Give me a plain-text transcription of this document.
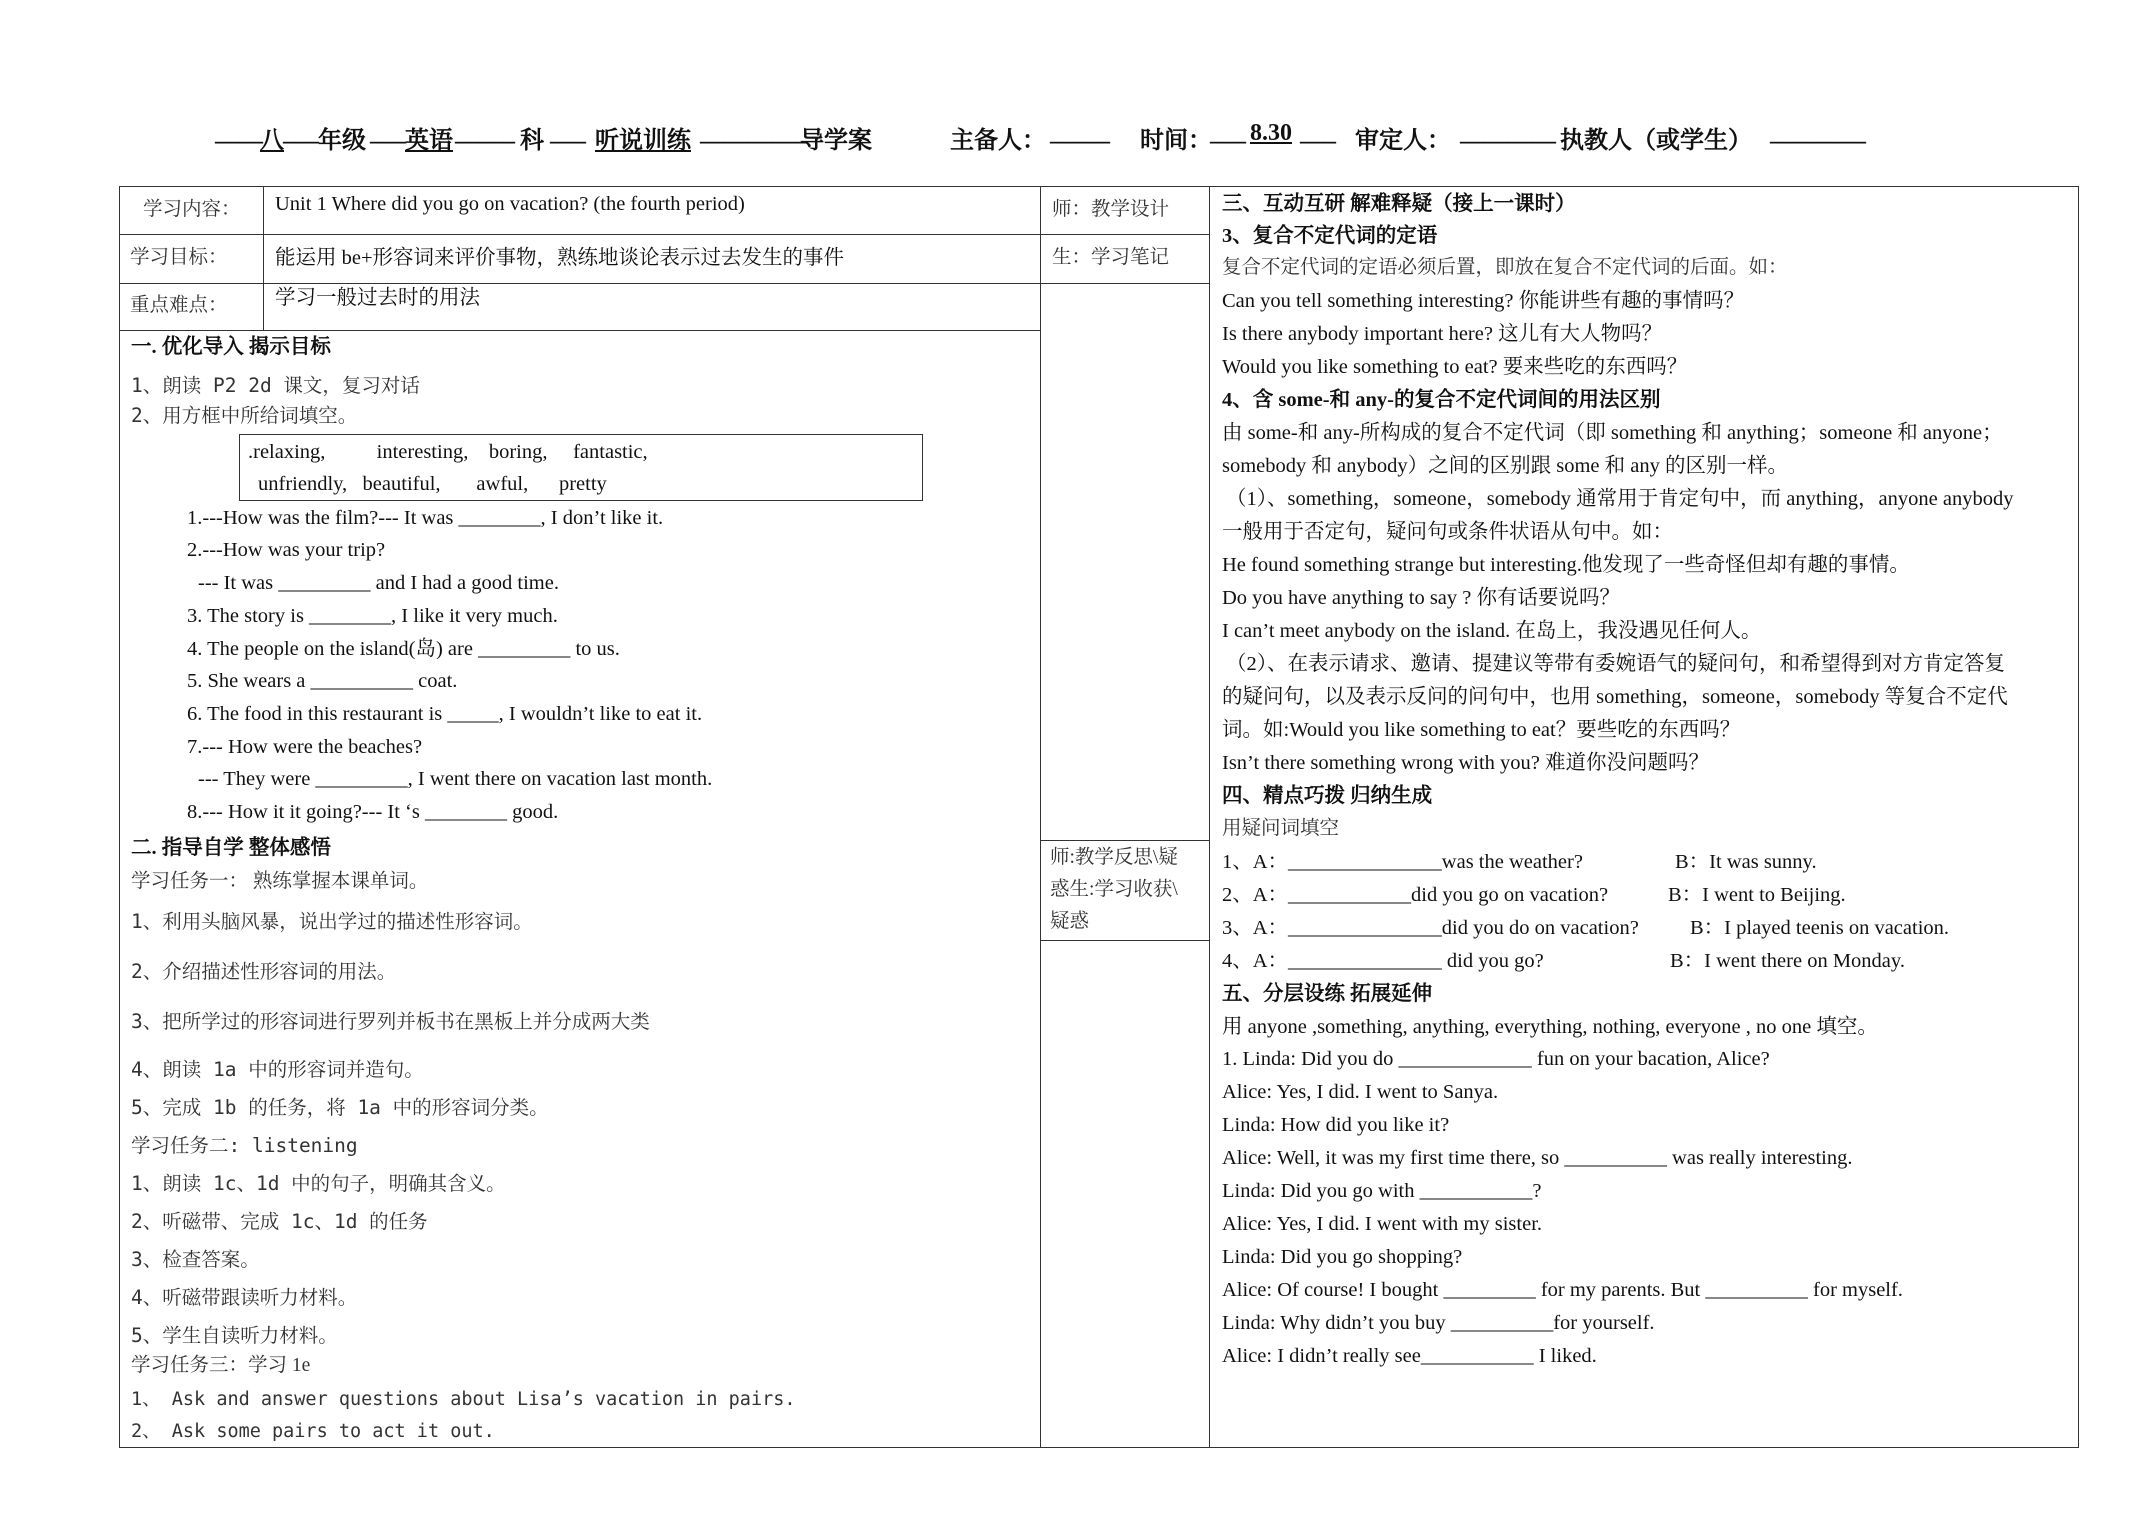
____
八 ___ 年级 ___ 英语 _____ 科 ___ 听说训练 _________
导学案	主备人： _____ 时间：
___ 8.30 ___ 审定人： ________ 执教人（或学生） ________
学习内容： Unit 1 Where did you go on vacation? (the fourth period)
学习目标： 能运用 be+形容词来评价事物，熟练地谈论表示过去发生的事件
重点难点： 学习一般过去时的用法
师：教学设计
生：学习笔记
师:教学反思\疑
惑生:学习收获\
疑惑
一. 优化导入 揭示目标
1、朗读 P2 2d 课文，复习对话
2、用方框中所给词填空。
.relaxing,          interesting,    boring,     fantastic,
unfriendly,   beautiful,       awful,      pretty
1.---How was the film?--- It was ________, I don’t like it.
2.---How was your trip?
--- It was _________ and I had a good time.
3. The story is ________, I like it very much.
4. The people on the island(岛) are _________ to us.
5. She wears a __________ coat.
6. The food in this restaurant is _____, I wouldn’t like to eat it.
7.--- How were the beaches?
--- They were _________, I went there on vacation last month.
8.--- How it it going?--- It ‘s ________ good.
二. 指导自学 整体感悟
学习任务一： 熟练掌握本课单词。
1、利用头脑风暴，说出学过的描述性形容词。
2、介绍描述性形容词的用法。
3、把所学过的形容词进行罗列并板书在黑板上并分成两大类
4、朗读 1a 中的形容词并造句。
5、完成 1b 的任务，将 1a 中的形容词分类。
学习任务二: listening
1、朗读 1c、1d 中的句子，明确其含义。
2、听磁带、完成 1c、1d 的任务
3、检查答案。
4、听磁带跟读听力材料。
5、学生自读听力材料。
学习任务三：学习 1e
1、 Ask and answer questions about Lisa’s vacation in pairs.
2、 Ask some pairs to act it out.
三、互动互研 解难释疑（接上一课时）
3、复合不定代词的定语
复合不定代词的定语必须后置，即放在复合不定代词的后面。如：
Can you tell something interesting? 你能讲些有趣的事情吗？
Is there anybody important here? 这儿有大人物吗？
Would you like something to eat? 要来些吃的东西吗？
4、含 some-和 any-的复合不定代词间的用法区别
由 some-和 any-所构成的复合不定代词（即 something 和 anything；someone 和 anyone；
somebody 和 anybody）之间的区别跟 some 和 any 的区别一样。
（1）、something，someone，somebody 通常用于肯定句中，而 anything，anyone anybody
一般用于否定句，疑问句或条件状语从句中。如：
He found something strange but interesting.他发现了一些奇怪但却有趣的事情。
Do you have anything to say ? 你有话要说吗？
I can’t meet anybody on the island. 在岛上，我没遇见任何人。
（2）、在表示请求、邀请、提建议等带有委婉语气的疑问句，和希望得到对方肯定答复
的疑问句，以及表示反问的问句中，也用 something，someone，somebody 等复合不定代
词。如:Would you like something to eat？要些吃的东西吗？
Isn’t there something wrong with you? 难道你没问题吗？
四、精点巧拨 归纳生成
用疑问词填空
1、A：_______________was the weather?	B：It was sunny.
2、A：____________did you go on vacation?	B：I went to Beijing.
3、A：_______________did you do on vacation? B：I played teenis on vacation.
4、A：_______________ did you go?	B：I went there on Monday.
五、分层设练 拓展延伸
用 anyone ,something, anything, everything, nothing, everyone , no one 填空。
1. Linda: Did you do _____________ fun on your bacation, Alice?
Alice: Yes, I did. I went to Sanya.
Linda: How did you like it?
Alice: Well, it was my first time there, so __________ was really interesting.
Linda: Did you go with ___________?
Alice: Yes, I did. I went with my sister.
Linda: Did you go shopping?
Alice: Of course! I bought _________ for my parents. But __________ for myself.
Linda: Why didn’t you buy __________for yourself.
Alice: I didn’t really see___________ I liked.
